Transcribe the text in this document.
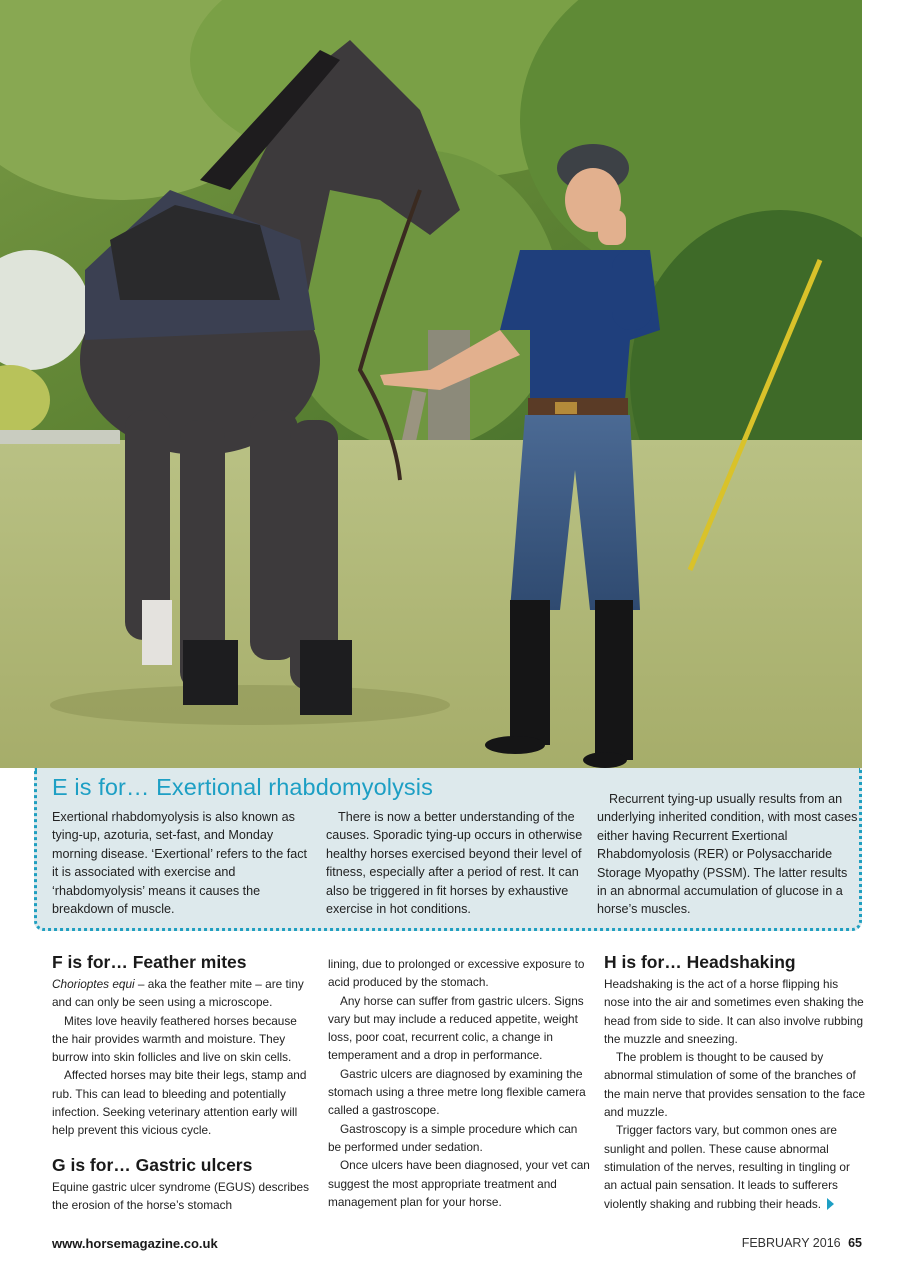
E is for… Exertional rhabdomyolysis

Exertional rhabdomyolysis is also known as tying-up, azoturia, set-fast, and Monday morning disease. ‘Exertional’ refers to the fact it is associated with exercise and ‘rhabdomyolysis’ means it causes the breakdown of muscle.

There is now a better understanding of the causes. Sporadic tying-up occurs in otherwise healthy horses exercised beyond their level of fitness, especially after a period of rest. It can also be triggered in fit horses by exhaustive exercise in hot conditions.

Recurrent tying-up usually results from an underlying inherited condition, with most cases either having Recurrent Exertional Rhabdomyolosis (RER) or Polysaccharide Storage Myopathy (PSSM). The latter results in an abnormal accumulation of glucose in a horse’s muscles.

F is for… Feather mites

Chorioptes equi – aka the feather mite – are tiny and can only be seen using a microscope.

Mites love heavily feathered horses because the hair provides warmth and moisture. They burrow into skin follicles and live on skin cells.

Affected horses may bite their legs, stamp and rub. This can lead to bleeding and potentially infection. Seeking veterinary attention early will help prevent this vicious cycle.

G is for… Gastric ulcers

Equine gastric ulcer syndrome (EGUS) describes the erosion of the horse’s stomach

lining, due to prolonged or excessive exposure to acid produced by the stomach.

Any horse can suffer from gastric ulcers. Signs vary but may include a reduced appetite, weight loss, poor coat, recurrent colic, a change in temperament and a drop in performance.

Gastric ulcers are diagnosed by examining the stomach using a three metre long flexible camera called a gastroscope.

Gastroscopy is a simple procedure which can be performed under sedation.

Once ulcers have been diagnosed, your vet can suggest the most appropriate treatment and management plan for your horse.

H is for… Headshaking

Headshaking is the act of a horse flipping his nose into the air and sometimes even shaking the head from side to side. It can also involve rubbing the muzzle and sneezing.

The problem is thought to be caused by abnormal stimulation of some of the branches of the main nerve that provides sensation to the face and muzzle.

Trigger factors vary, but common ones are sunlight and pollen. These cause abnormal stimulation of the nerves, resulting in tingling or an actual pain sensation. It leads to sufferers violently shaking and rubbing their heads.

www.horsemagazine.co.uk	FEBRUARY 2016 65
